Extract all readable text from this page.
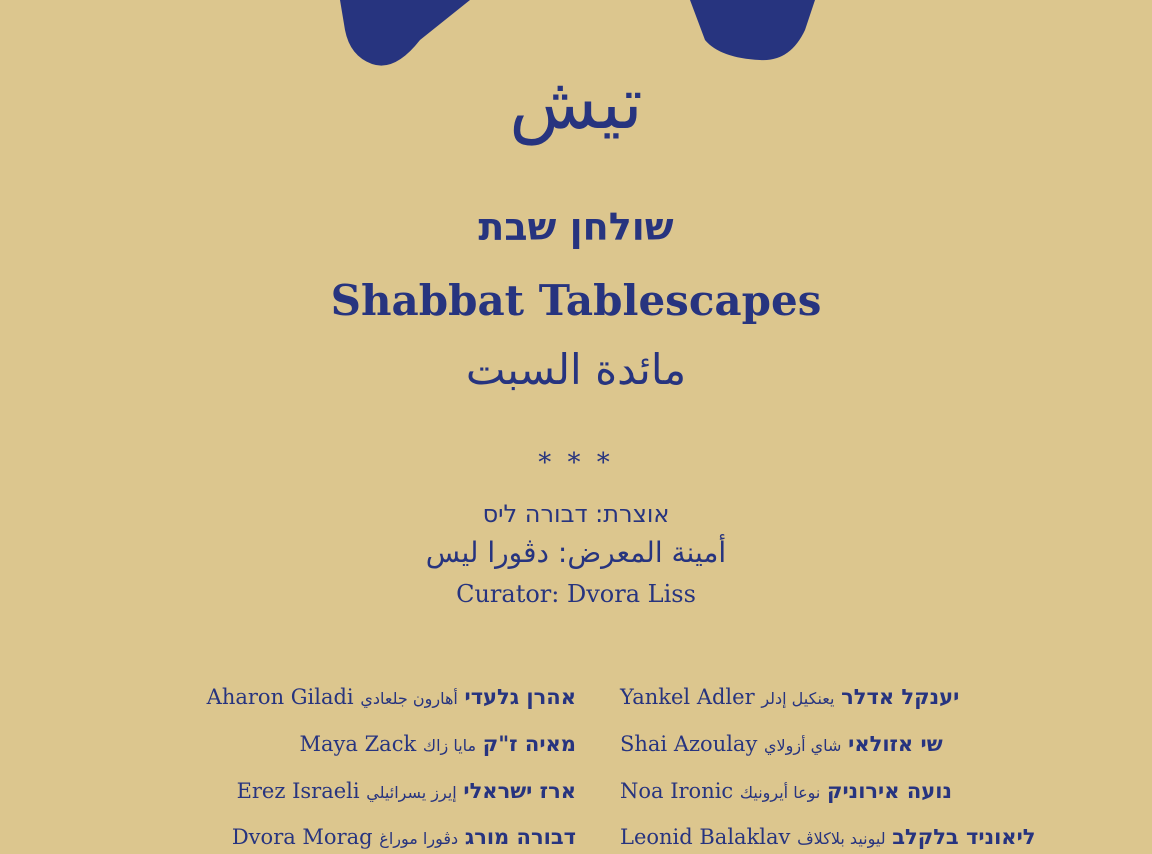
تيش
שולחן שבת
Shabbat Tablescapes
مائدة السبت
* * *
אוצרת: דבורה ליס
أمينة المعرض: دڤورا ليس
Curator: Dvora Liss
Aharon Giladi أهارون جلعادي אהרן גלעדי
Maya Zack مايا زاك מאיה ז"ק
Erez Israeli إيرز يسرائيلي ארז ישראלי
Dvora Morag دڤورا موراغ דבורה מורג
Yankel Adler يعنكيل إدلر יענקל אדלר
Shai Azoulay شاي أزولاي שי אזולאי
Noa Ironic نوعا أيرونيك נועה אירוניק
Leonid Balaklav ليونيد بلاكلاڤ ליאוניד בלקלב
